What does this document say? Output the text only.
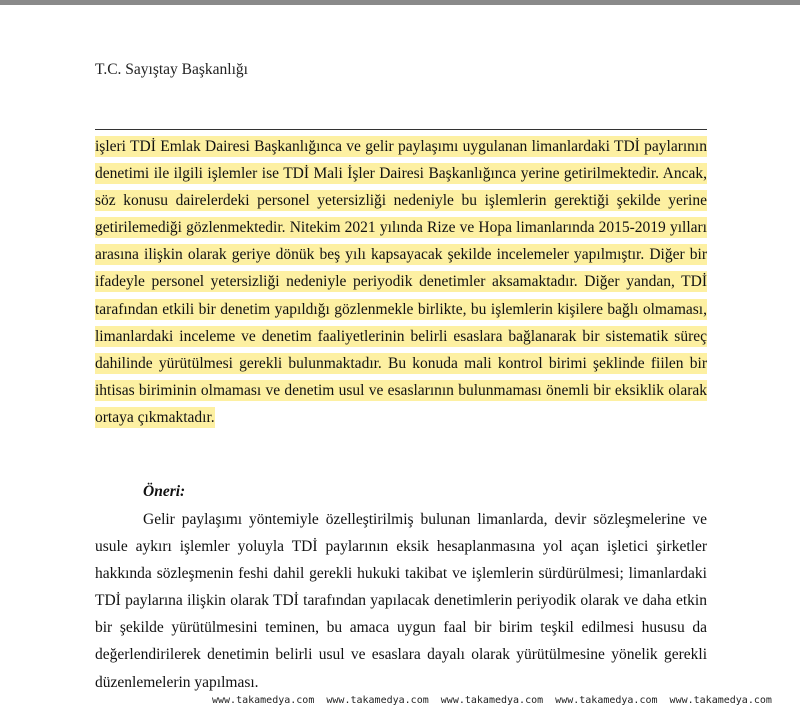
T.C. Sayıştay Başkanlığı
işleri TDİ Emlak Dairesi Başkanlığınca ve gelir paylaşımı uygulanan limanlardaki TDİ paylarının denetimi ile ilgili işlemler ise TDİ Mali İşler Dairesi Başkanlığınca yerine getirilmektedir. Ancak, söz konusu dairelerdeki personel yetersizliği nedeniyle bu işlemlerin gerektiği şekilde yerine getirilemediği gözlenmektedir. Nitekim 2021 yılında Rize ve Hopa limanlarında 2015-2019 yılları arasına ilişkin olarak geriye dönük beş yılı kapsayacak şekilde incelemeler yapılmıştır. Diğer bir ifadeyle personel yetersizliği nedeniyle periyodik denetimler aksamaktadır. Diğer yandan, TDİ tarafından etkili bir denetim yapıldığı gözlenmekle birlikte, bu işlemlerin kişilere bağlı olmaması, limanlardaki inceleme ve denetim faaliyetlerinin belirli esaslara bağlanarak bir sistematik süreç dahilinde yürütülmesi gerekli bulunmaktadır. Bu konuda mali kontrol birimi şeklinde fiilen bir ihtisas biriminin olmaması ve denetim usul ve esaslarının bulunmaması önemli bir eksiklik olarak ortaya çıkmaktadır.
Öneri:

Gelir paylaşımı yöntemiyle özelleştirilmiş bulunan limanlarda, devir sözleşmelerine ve usule aykırı işlemler yoluyla TDİ paylarının eksik hesaplanmasına yol açan işletici şirketler hakkında sözleşmenin feshi dahil gerekli hukuki takibat ve işlemlerin sürdürülmesi; limanlardaki TDİ paylarına ilişkin olarak TDİ tarafından yapılacak denetimlerin periyodik olarak ve daha etkin bir şekilde yürütülmesini teminen, bu amaca uygun faal bir birim teşkil edilmesi hususu da değerlendirilerek denetimin belirli usul ve esaslara dayalı olarak yürütülmesine yönelik gerekli düzenlemelerin yapılması.

www.takamedya.com  www.takamedya.com  www.takamedya.com  www.takamedya.com  www.takamedya.com
